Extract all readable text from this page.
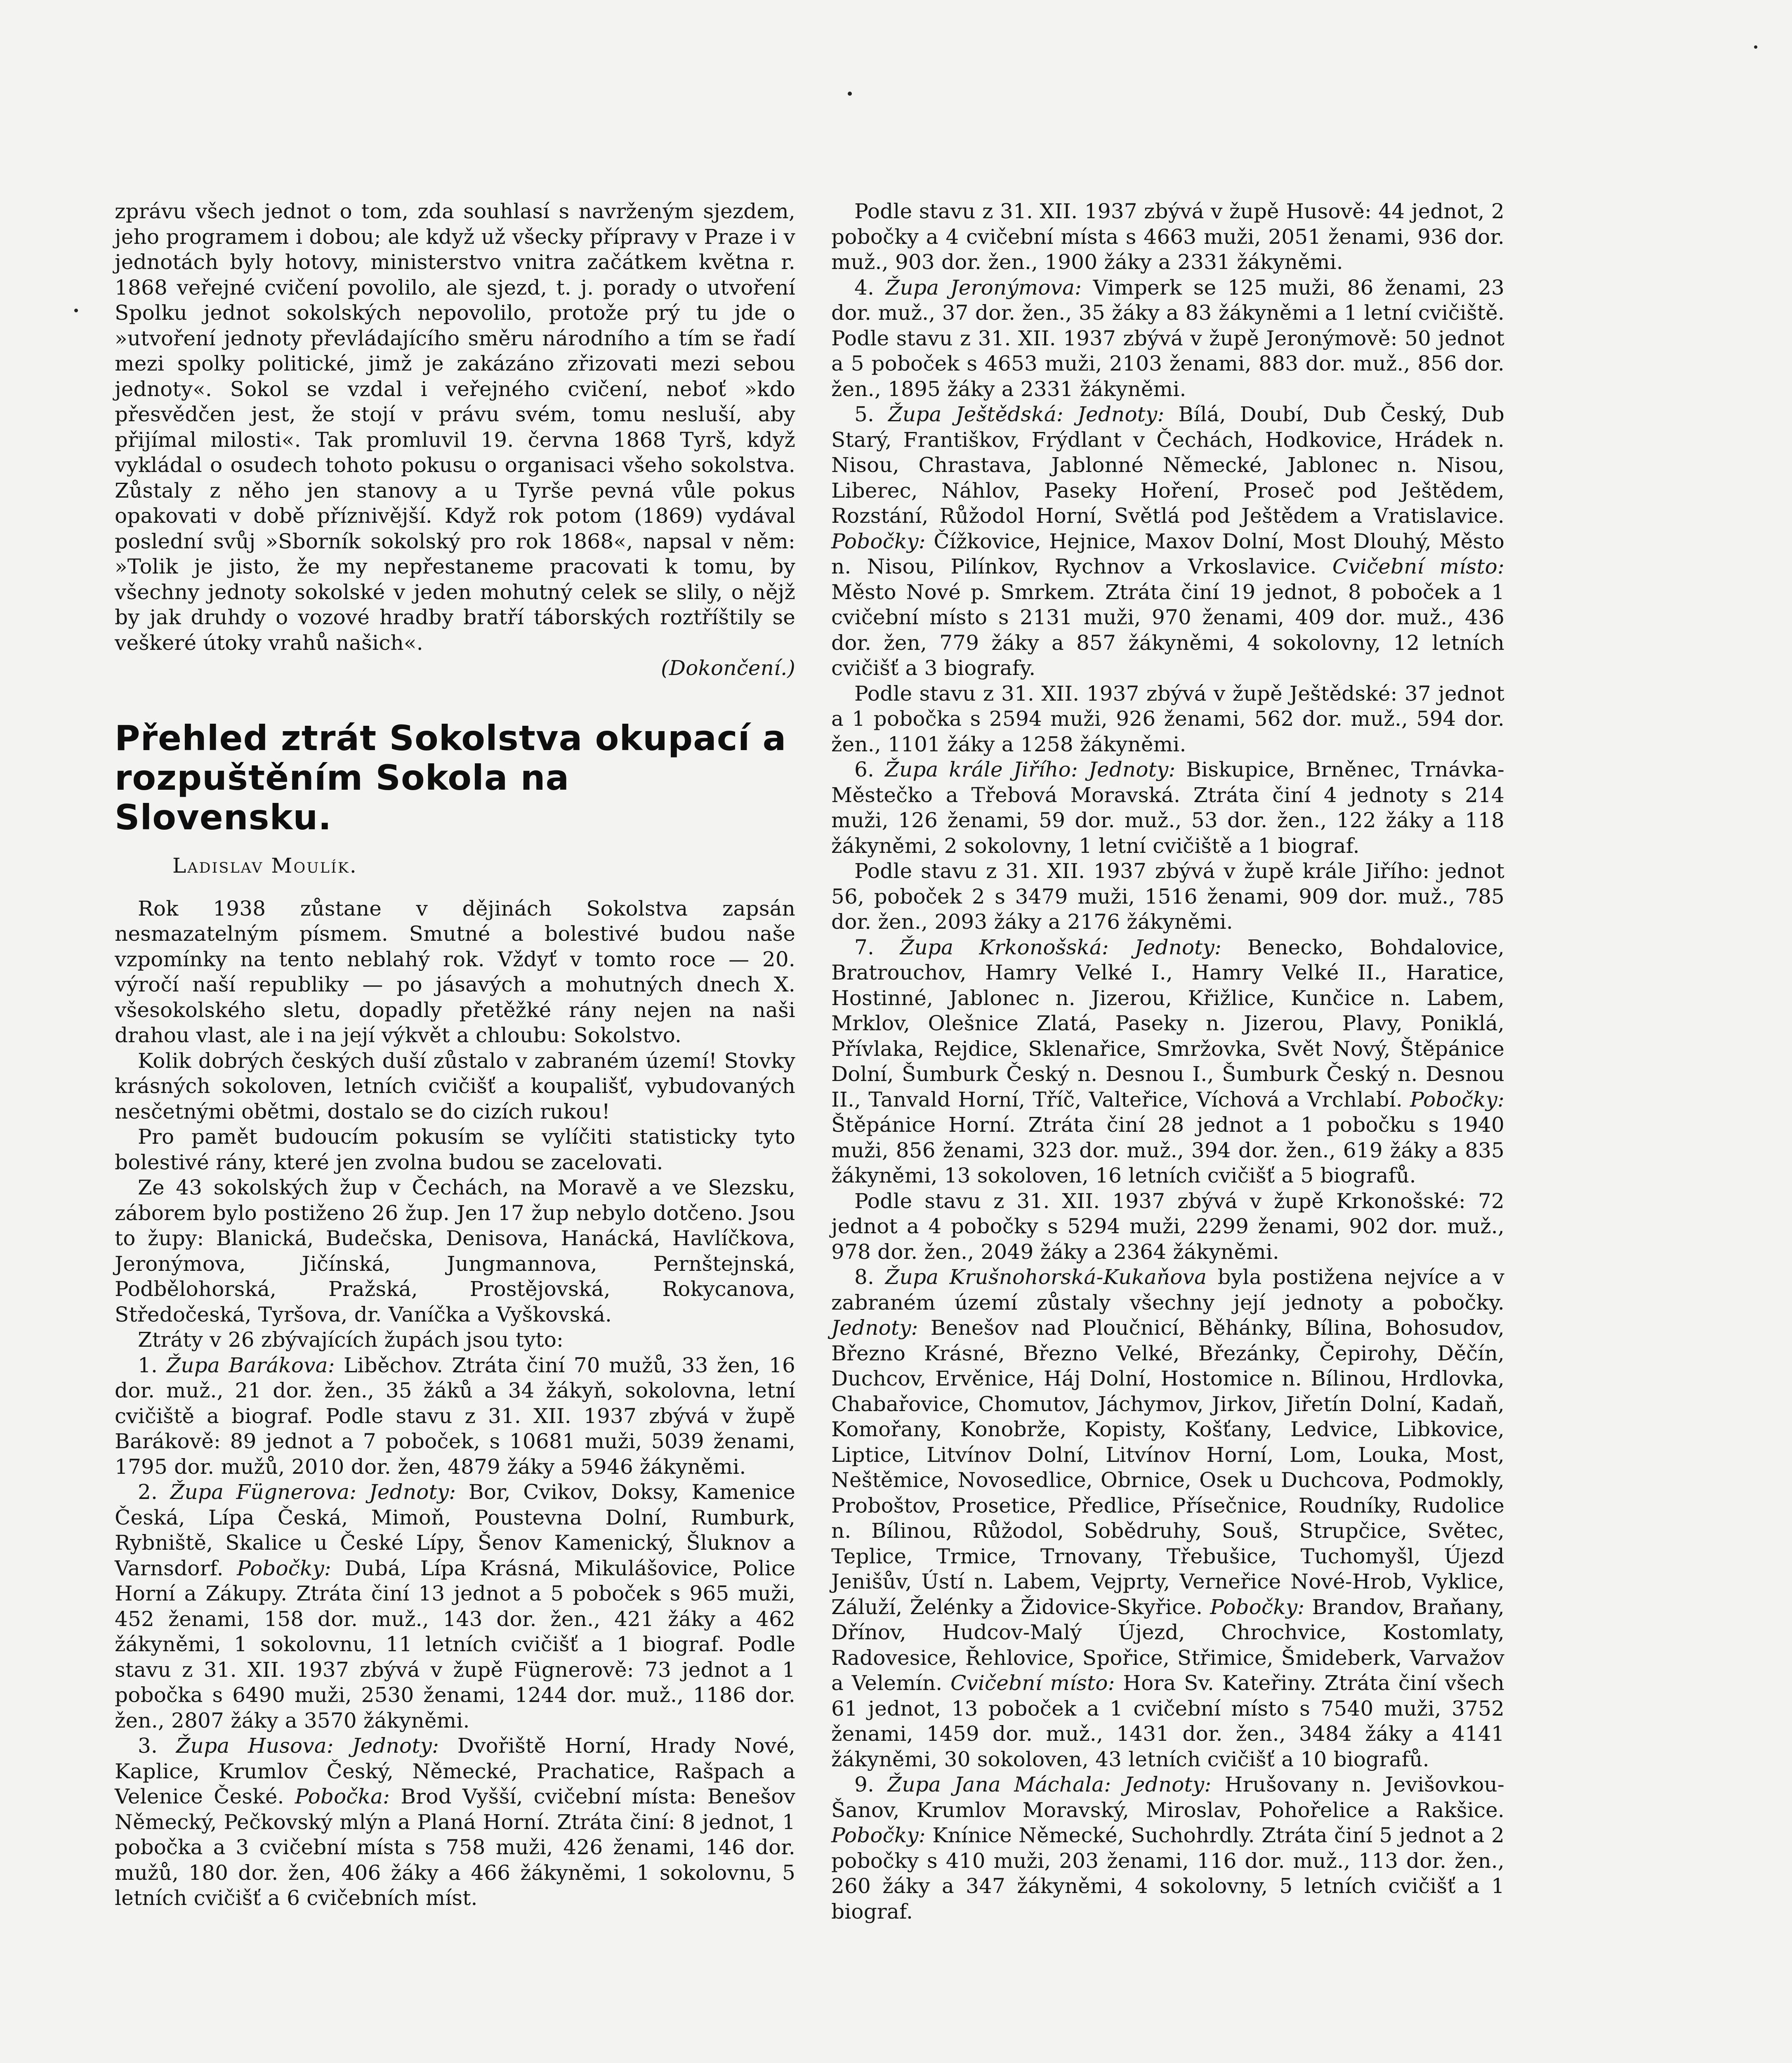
zprávu všech jednot o tom, zda souhlasí s navrženým sjezdem, jeho programem i dobou; ale když už všecky přípravy v Praze i v jednotách byly hotovy, ministerstvo vnitra začátkem května r. 1868 veřejné cvičení povolilo, ale sjezd, t. j. porady o utvoření Spolku jednot sokolských nepovolilo, protože prý tu jde o »utvoření jednoty převládajícího směru národního a tím se řadí mezi spolky politické, jimž je zakázáno zřizovati mezi sebou jednoty«. Sokol se vzdal i veřejného cvičení, neboť »kdo přesvědčen jest, že stojí v právu svém, tomu nesluší, aby přijímal milosti«. Tak promluvil 19. června 1868 Tyrš, když vykládal o osudech tohoto pokusu o organisaci všeho sokolstva. Zůstaly z něho jen stanovy a u Tyrše pevná vůle pokus opakovati v době příznivější. Když rok potom (1869) vydával poslední svůj »Sborník sokolský pro rok 1868«, napsal v něm: »Tolik je jisto, že my nepřestaneme pracovati k tomu, by všechny jednoty sokolské v jeden mohutný celek se slily, o nějž by jak druhdy o vozové hradby bratří táborských roztříštily se veškeré útoky vrahů našich«.

(Dokončení.)

Přehled ztrát Sokolstva okupací a rozpuštěním Sokola na Slovensku.
Ladislav Moulík.

Rok 1938 zůstane v dějinách Sokolstva zapsán nesmazatelným písmem. Smutné a bolestivé budou naše vzpomínky na tento neblahý rok. Vždyť v tomto roce — 20. výročí naší republiky — po jásavých a mohutných dnech X. všesokolského sletu, dopadly přetěžké rány nejen na naši drahou vlast, ale i na její výkvět a chloubu: Sokolstvo.

Kolik dobrých českých duší zůstalo v zabraném území! Stovky krásných sokoloven, letních cvičišť a koupališť, vybudovaných nesčetnými obětmi, dostalo se do cizích rukou!

Pro pamět budoucím pokusím se vylíčiti statisticky tyto bolestivé rány, které jen zvolna budou se zacelovati.

Ze 43 sokolských žup v Čechách, na Moravě a ve Slezsku, záborem bylo postiženo 26 žup. Jen 17 žup nebylo dotčeno. Jsou to župy: Blanická, Budečska, Denisova, Hanácká, Havlíčkova, Jeronýmova, Jičínská, Jungmannova, Pernštejnská, Podbělohorská, Pražská, Prostějovská, Rokycanova, Středočeská, Tyršova, dr. Vaníčka a Vyškovská.

Ztráty v 26 zbývajících župách jsou tyto:

1. Župa Barákova: Liběchov. Ztráta činí 70 mužů, 33 žen, 16 dor. muž., 21 dor. žen., 35 žáků a 34 žákyň, sokolovna, letní cvičiště a biograf. Podle stavu z 31. XII. 1937 zbývá v župě Barákově: 89 jednot a 7 poboček, s 10681 muži, 5039 ženami, 1795 dor. mužů, 2010 dor. žen, 4879 žáky a 5946 žákyněmi.

2. Župa Fügnerova: Jednoty: Bor, Cvikov, Doksy, Kamenice Česká, Lípa Česká, Mimoň, Poustevna Dolní, Rumburk, Rybniště, Skalice u České Lípy, Šenov Kamenický, Šluknov a Varnsdorf. Pobočky: Dubá, Lípa Krásná, Mikulášovice, Police Horní a Zákupy. Ztráta činí 13 jednot a 5 poboček s 965 muži, 452 ženami, 158 dor. muž., 143 dor. žen., 421 žáky a 462 žákyněmi, 1 sokolovnu, 11 letních cvičišť a 1 biograf. Podle stavu z 31. XII. 1937 zbývá v župě Fügnerově: 73 jednot a 1 pobočka s 6490 muži, 2530 ženami, 1244 dor. muž., 1186 dor. žen., 2807 žáky a 3570 žákyněmi.

3. Župa Husova: Jednoty: Dvořiště Horní, Hrady Nové, Kaplice, Krumlov Český, Německé, Prachatice, Rašpach a Velenice České. Pobočka: Brod Vyšší, cvičební místa: Benešov Německý, Pečkovský mlýn a Planá Horní. Ztráta činí: 8 jednot, 1 pobočka a 3 cvičební místa s 758 muži, 426 ženami, 146 dor. mužů, 180 dor. žen, 406 žáky a 466 žákyněmi, 1 sokolovnu, 5 letních cvičišť a 6 cvičebních míst.

Podle stavu z 31. XII. 1937 zbývá v župě Husově: 44 jednot, 2 pobočky a 4 cvičební místa s 4663 muži, 2051 ženami, 936 dor. muž., 903 dor. žen., 1900 žáky a 2331 žákyněmi.

4. Župa Jeronýmova: Vimperk se 125 muži, 86 ženami, 23 dor. muž., 37 dor. žen., 35 žáky a 83 žákyněmi a 1 letní cvičiště. Podle stavu z 31. XII. 1937 zbývá v župě Jeronýmově: 50 jednot a 5 poboček s 4653 muži, 2103 ženami, 883 dor. muž., 856 dor. žen., 1895 žáky a 2331 žákyněmi.

5. Župa Ještědská: Jednoty: Bílá, Doubí, Dub Český, Dub Starý, Františkov, Frýdlant v Čechách, Hodkovice, Hrádek n. Nisou, Chrastava, Jablonné Německé, Jablonec n. Nisou, Liberec, Náhlov, Paseky Hoření, Proseč pod Ještědem, Rozstání, Růžodol Horní, Světlá pod Ještědem a Vratislavice. Pobočky: Čížkovice, Hejnice, Maxov Dolní, Most Dlouhý, Město n. Nisou, Pilínkov, Rychnov a Vrkoslavice. Cvičební místo: Město Nové p. Smrkem. Ztráta činí 19 jednot, 8 poboček a 1 cvičební místo s 2131 muži, 970 ženami, 409 dor. muž., 436 dor. žen, 779 žáky a 857 žákyněmi, 4 sokolovny, 12 letních cvičišť a 3 biografy.

Podle stavu z 31. XII. 1937 zbývá v župě Ještědské: 37 jednot a 1 pobočka s 2594 muži, 926 ženami, 562 dor. muž., 594 dor. žen., 1101 žáky a 1258 žákyněmi.

6. Župa krále Jiřího: Jednoty: Biskupice, Brněnec, Trnávka-Městečko a Třebová Moravská. Ztráta činí 4 jednoty s 214 muži, 126 ženami, 59 dor. muž., 53 dor. žen., 122 žáky a 118 žákyněmi, 2 sokolovny, 1 letní cvičiště a 1 biograf.

Podle stavu z 31. XII. 1937 zbývá v župě krále Jiřího: jednot 56, poboček 2 s 3479 muži, 1516 ženami, 909 dor. muž., 785 dor. žen., 2093 žáky a 2176 žákyněmi.

7. Župa Krkonošská: Jednoty: Benecko, Bohdalovice, Bratrouchov, Hamry Velké I., Hamry Velké II., Haratice, Hostinné, Jablonec n. Jizerou, Křižlice, Kunčice n. Labem, Mrklov, Olešnice Zlatá, Paseky n. Jizerou, Plavy, Poniklá, Přívlaka, Rejdice, Sklenařice, Smržovka, Svět Nový, Štěpánice Dolní, Šumburk Český n. Desnou I., Šumburk Český n. Desnou II., Tanvald Horní, Tříč, Valteřice, Víchová a Vrchlabí. Pobočky: Štěpánice Horní. Ztráta činí 28 jednot a 1 pobočku s 1940 muži, 856 ženami, 323 dor. muž., 394 dor. žen., 619 žáky a 835 žákyněmi, 13 sokoloven, 16 letních cvičišť a 5 biografů.

Podle stavu z 31. XII. 1937 zbývá v župě Krkonošské: 72 jednot a 4 pobočky s 5294 muži, 2299 ženami, 902 dor. muž., 978 dor. žen., 2049 žáky a 2364 žákyněmi.

8. Župa Krušnohorská-Kukaňova byla postižena nejvíce a v zabraném území zůstaly všechny její jednoty a pobočky. Jednoty: Benešov nad Ploučnicí, Běhánky, Bílina, Bohosudov, Březno Krásné, Březno Velké, Březánky, Čepirohy, Děčín, Duchcov, Ervěnice, Háj Dolní, Hostomice n. Bílinou, Hrdlovka, Chabařovice, Chomutov, Jáchymov, Jirkov, Jiřetín Dolní, Kadaň, Komořany, Konobrže, Kopisty, Košťany, Ledvice, Libkovice, Liptice, Litvínov Dolní, Litvínov Horní, Lom, Louka, Most, Neštěmice, Novosedlice, Obrnice, Osek u Duchcova, Podmokly, Proboštov, Prosetice, Předlice, Přísečnice, Roudníky, Rudolice n. Bílinou, Růžodol, Sobědruhy, Souš, Strupčice, Světec, Teplice, Trmice, Trnovany, Třebušice, Tuchomyšl, Újezd Jenišův, Ústí n. Labem, Vejprty, Verneřice Nové-Hrob, Vyklice, Záluží, Želénky a Židovice-Skyřice. Pobočky: Brandov, Braňany, Dřínov, Hudcov-Malý Újezd, Chrochvice, Kostomlaty, Radovesice, Řehlovice, Spořice, Střimice, Šmideberk, Varvažov a Velemín. Cvičební místo: Hora Sv. Kateřiny. Ztráta činí všech 61 jednot, 13 poboček a 1 cvičební místo s 7540 muži, 3752 ženami, 1459 dor. muž., 1431 dor. žen., 3484 žáky a 4141 žákyněmi, 30 sokoloven, 43 letních cvičišť a 10 biografů.

9. Župa Jana Máchala: Jednoty: Hrušovany n. Jevišovkou-Šanov, Krumlov Moravský, Miroslav, Pohořelice a Rakšice. Pobočky: Knínice Německé, Suchohrdly. Ztráta činí 5 jednot a 2 pobočky s 410 muži, 203 ženami, 116 dor. muž., 113 dor. žen., 260 žáky a 347 žákyněmi, 4 sokolovny, 5 letních cvičišť a 1 biograf.
